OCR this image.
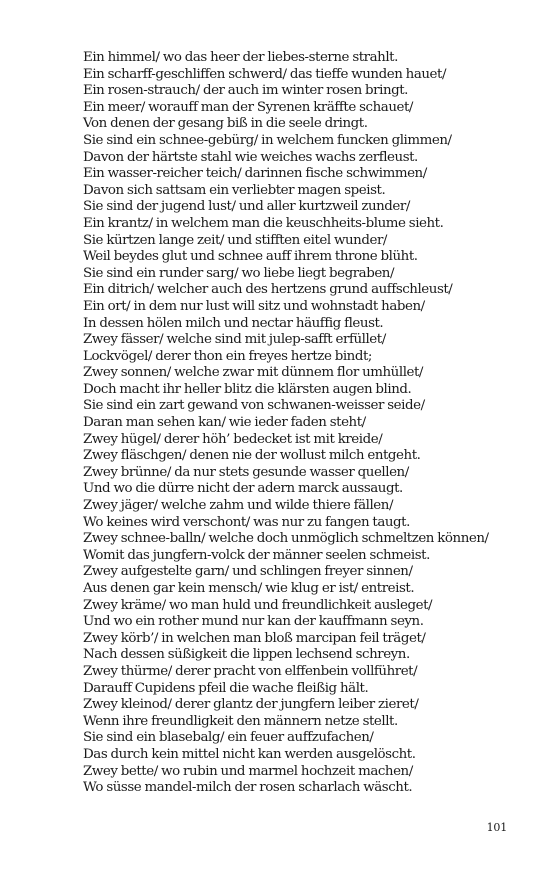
Ein himmel/ wo das heer der liebes-sterne strahlt.
Ein scharff-geschliffen schwerd/ das tieffe wunden hauet/
Ein rosen-strauch/ der auch im winter rosen bringt.
Ein meer/ worauff man der Syrenen kräffte schauet/
Von denen der gesang biß in die seele dringt.
Sie sind ein schnee-gebürg/ in welchem funcken glimmen/
Davon der härtste stahl wie weiches wachs zerfleust.
Ein wasser-reicher teich/ darinnen fische schwimmen/
Davon sich sattsam ein verliebter magen speist.
Sie sind der jugend lust/ und aller kurtzweil zunder/
Ein krantz/ in welchem man die keuschheits-blume sieht.
Sie kürtzen lange zeit/ und stifften eitel wunder/
Weil beydes glut und schnee auff ihrem throne blüht.
Sie sind ein runder sarg/ wo liebe liegt begraben/
Ein ditrich/ welcher auch des hertzens grund auffschleust/
Ein ort/ in dem nur lust will sitz und wohnstadt haben/
In dessen hölen milch und nectar häuffig fleust.
Zwey fässer/ welche sind mit julep-safft erfüllet/
Lockvögel/ derer thon ein freyes hertze bindt;
Zwey sonnen/ welche zwar mit dünnem flor umhüllet/
Doch macht ihr heller blitz die klärsten augen blind.
Sie sind ein zart gewand von schwanen-weisser seide/
Daran man sehen kan/ wie ieder faden steht/
Zwey hügel/ derer höh’ bedecket ist mit kreide/
Zwey fläschgen/ denen nie der wollust milch entgeht.
Zwey brünne/ da nur stets gesunde wasser quellen/
Und wo die dürre nicht der adern marck aussaugt.
Zwey jäger/ welche zahm und wilde thiere fällen/
Wo keines wird verschont/ was nur zu fangen taugt.
Zwey schnee-balln/ welche doch unmöglich schmeltzen können/
Womit das jungfern-volck der männer seelen schmeist.
Zwey aufgestelte garn/ und schlingen freyer sinnen/
Aus denen gar kein mensch/ wie klug er ist/ entreist.
Zwey kräme/ wo man huld und freundlichkeit ausleget/
Und wo ein rother mund nur kan der kauffmann seyn.
Zwey körb’/ in welchen man bloß marcipan feil träget/
Nach dessen süßigkeit die lippen lechsend schreyn.
Zwey thürme/ derer pracht von elffenbein vollführet/
Darauff Cupidens pfeil die wache fleißig hält.
Zwey kleinod/ derer glantz der jungfern leiber zieret/
Wenn ihre freundligkeit den männern netze stellt.
Sie sind ein blasebalg/ ein feuer auffzufachen/
Das durch kein mittel nicht kan werden ausgelöscht.
Zwey bette/ wo rubin und marmel hochzeit machen/
Wo süsse mandel-milch der rosen scharlach wäscht.
101
